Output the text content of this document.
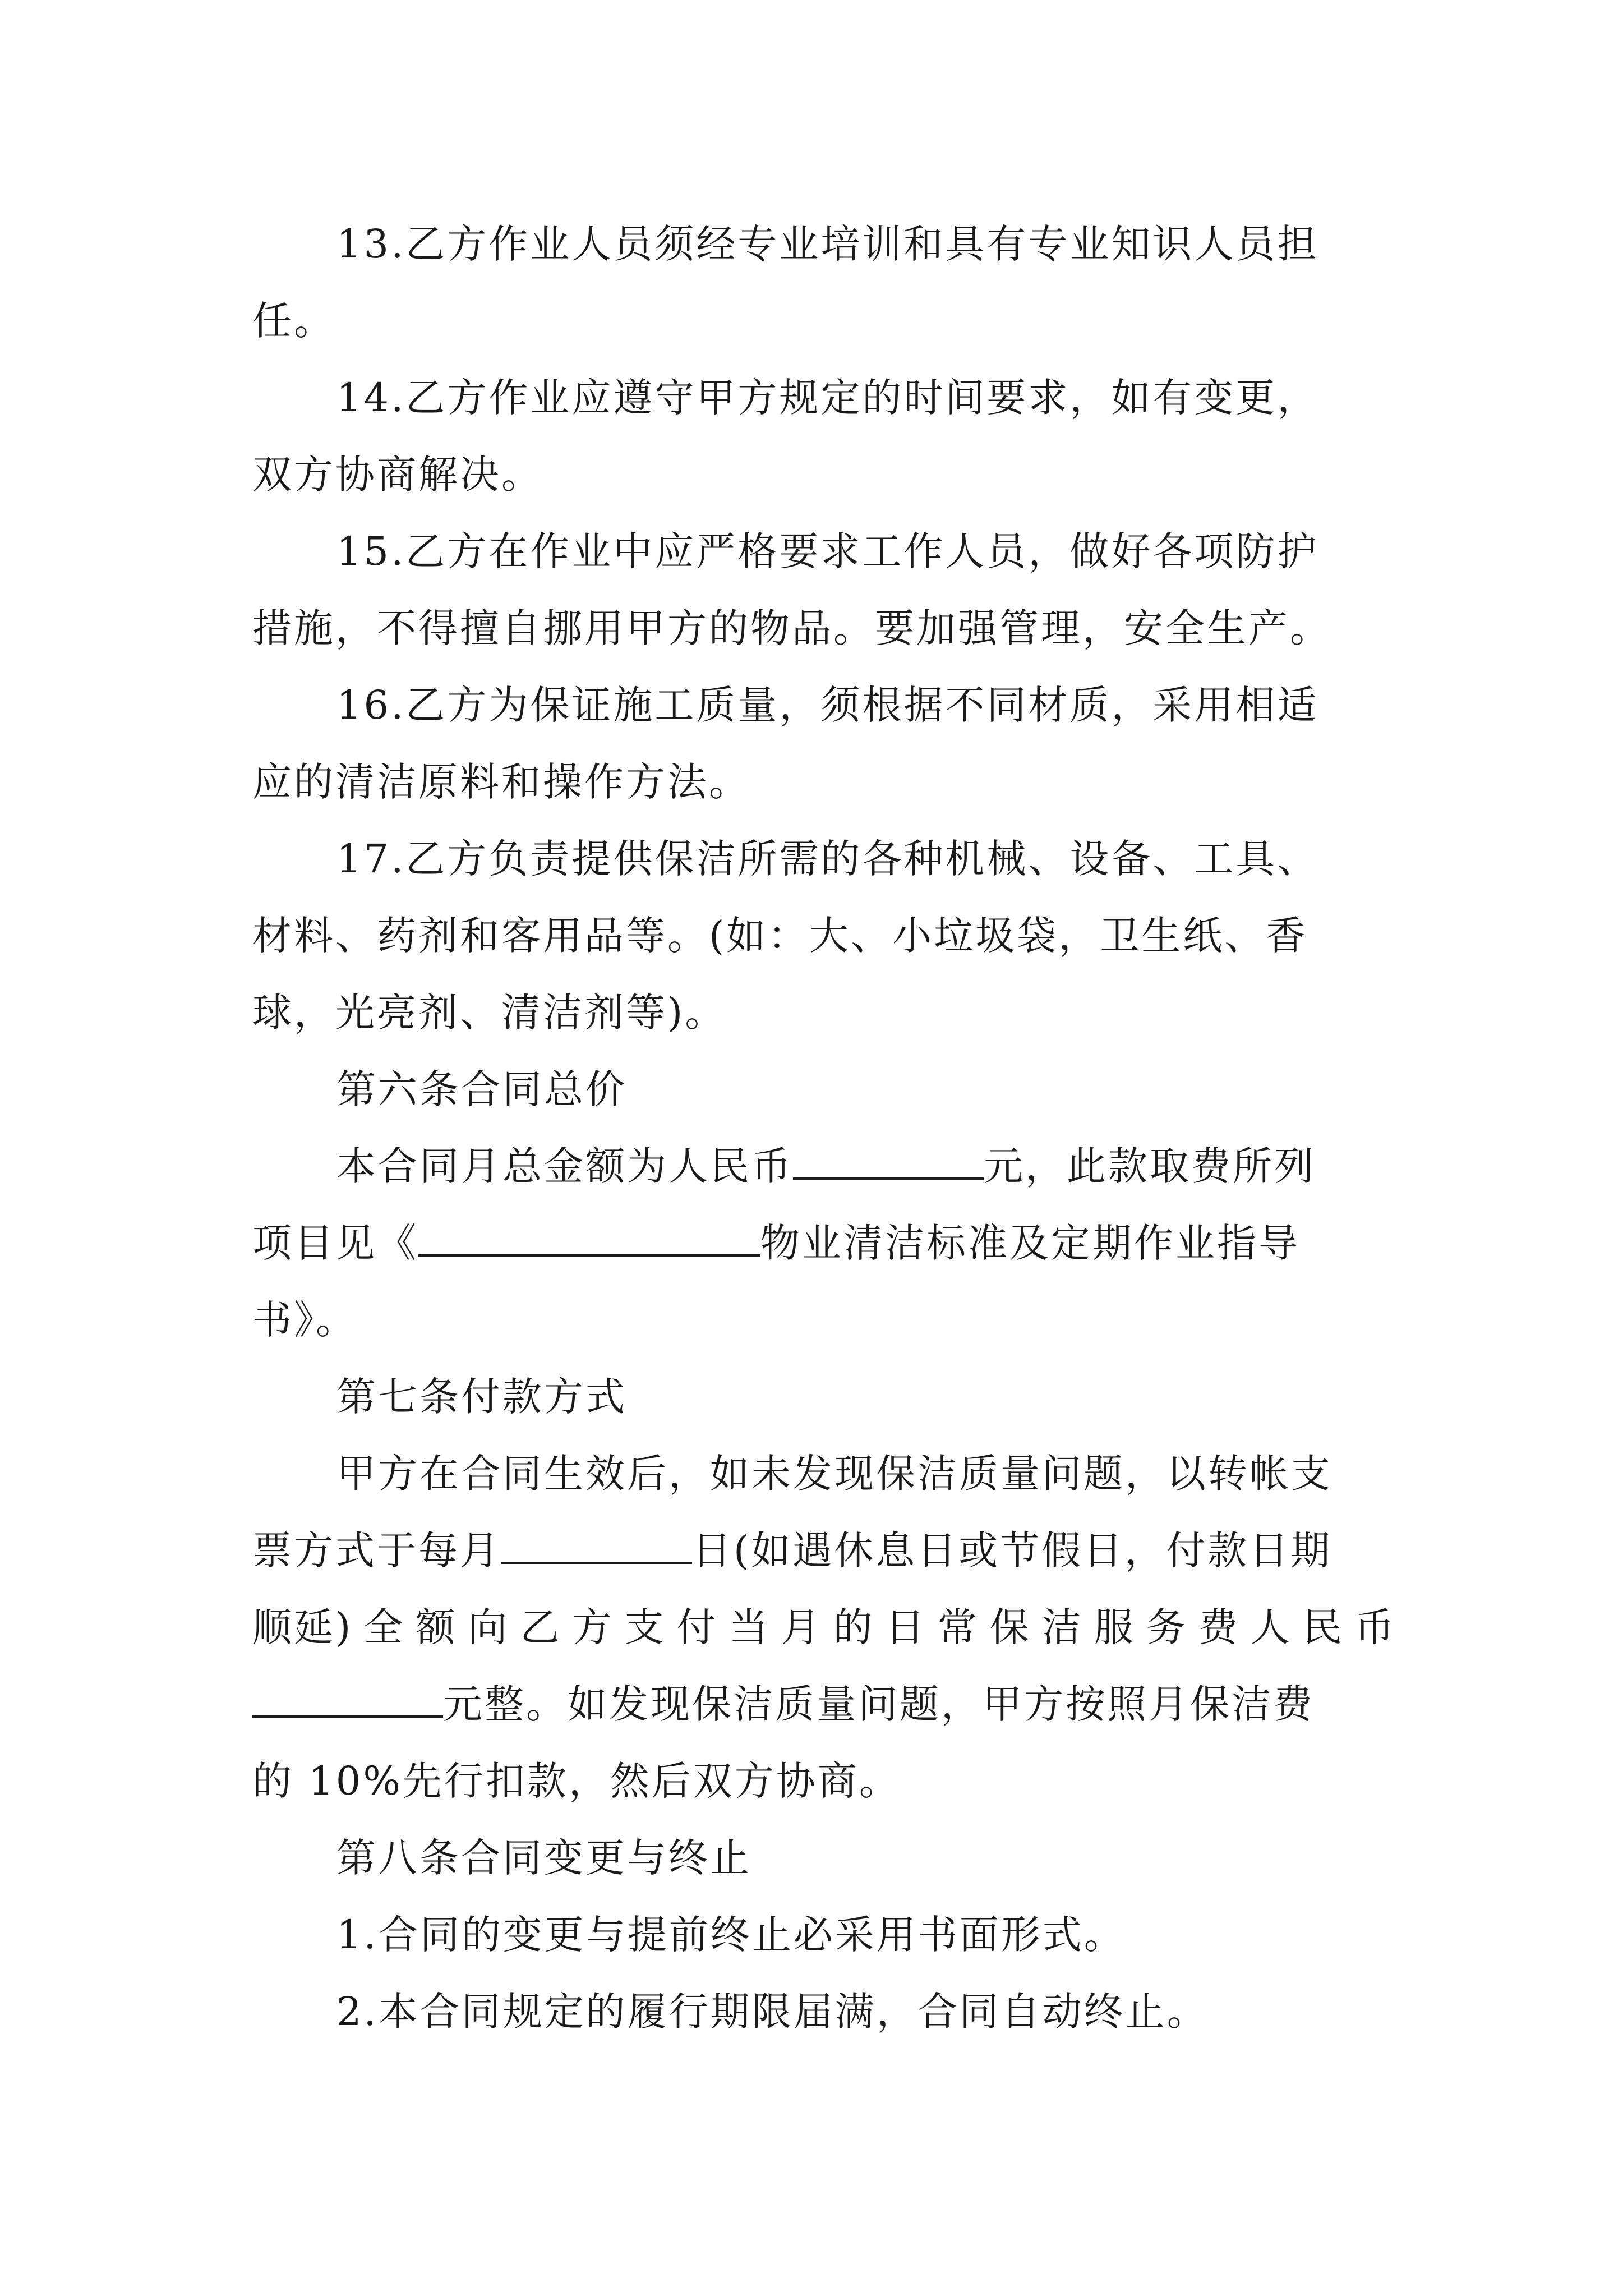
13.乙方作业人员须经专业培训和具有专业知识人员担
任。
14.乙方作业应遵守甲方规定的时间要求，如有变更，
双方协商解决。
15.乙方在作业中应严格要求工作人员，做好各项防护
措施，不得擅自挪用甲方的物品。要加强管理，安全生产。
16.乙方为保证施工质量，须根据不同材质，采用相适
应的清洁原料和操作方法。
17.乙方负责提供保洁所需的各种机械、设备、工具、
材料、药剂和客用品等。(如：大、小垃圾袋，卫生纸、香
球，光亮剂、清洁剂等)。
第六条合同总价
本合同月总金额为人民币	元，此款取费所列
项目见《	物业清洁标准及定期作业指导
书》。
第七条付款方式
甲方在合同生效后，如未发现保洁质量问题，以转帐支
票方式于每月	日(如遇休息日或节假日，付款日期
顺延) 全 额 向 乙 方 支 付 当 月 的 日 常 保 洁 服 务 费 人 民 币
元整。如发现保洁质量问题，甲方按照月保洁费
的 10%先行扣款，然后双方协商。
第八条合同变更与终止
1.合同的变更与提前终止必采用书面形式。
2.本合同规定的履行期限届满，合同自动终止。
